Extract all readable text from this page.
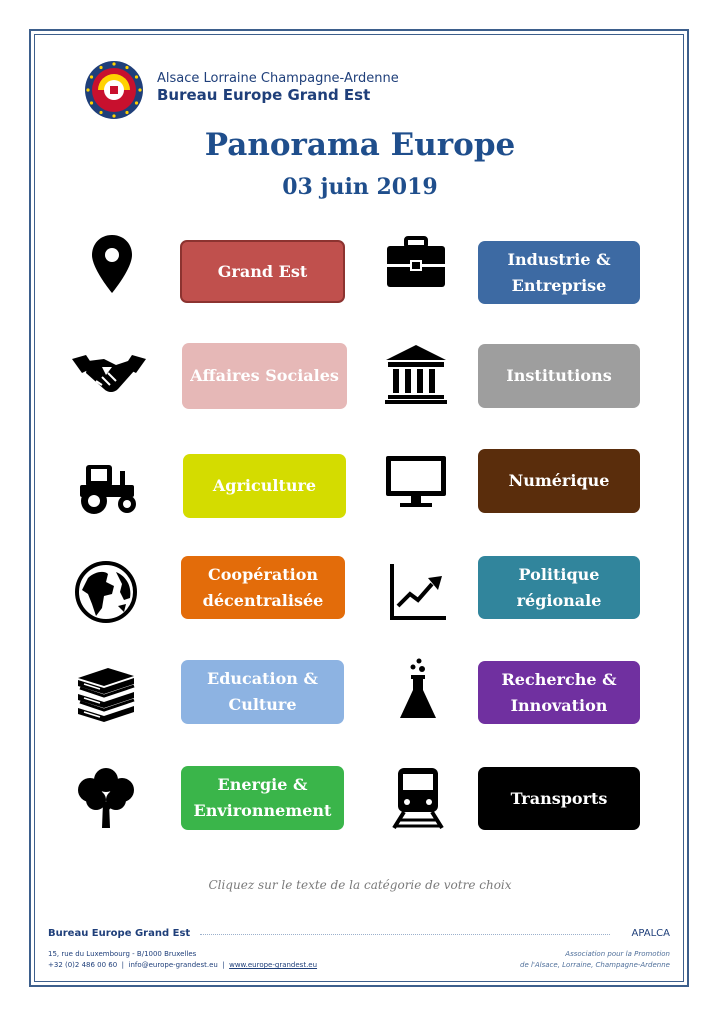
Alsace Lorraine Champagne-Ardenne
Bureau Europe Grand Est
Panorama Europe
03 juin 2019
Grand Est
Industrie &
Entreprise
Affaires Sociales	Institutions
Agriculture	Numérique
Coopération
décentralisée
Politique
régionale
Education &
Culture
Recherche &
Innovation
Energie &
Environnement
Transports
Cliquez sur le texte de la catégorie de votre choix
Bureau Europe Grand Est	APALCA
15, rue du Luxembourg - B/1000 Bruxelles
+32 (0)2 486 00 60  |  info@europe-grandest.eu  |  www.europe-grandest.eu
Association pour la Promotion
de l'Alsace, Lorraine, Champagne-Ardenne
